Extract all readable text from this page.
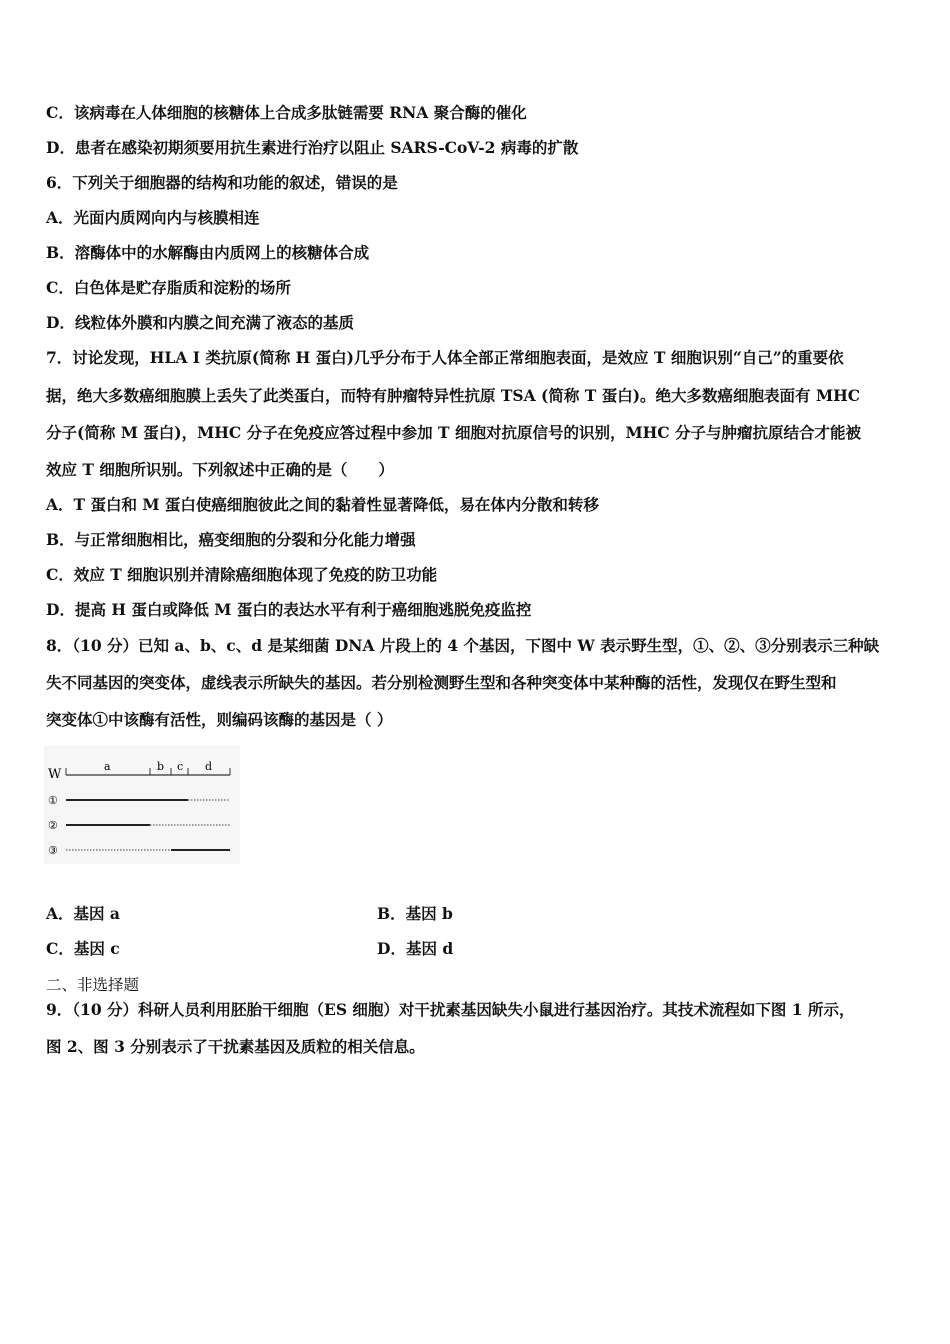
C．该病毒在人体细胞的核糖体上合成多肽链需要 RNA 聚合酶的催化
D．患者在感染初期须要用抗生素进行治疗以阻止 SARS-CoV-2 病毒的扩散
6．下列关于细胞器的结构和功能的叙述，错误的是
A．光面内质网向内与核膜相连
B．溶酶体中的水解酶由内质网上的核糖体合成
C．白色体是贮存脂质和淀粉的场所
D．线粒体外膜和内膜之间充满了液态的基质
7．讨论发现，HLA I 类抗原(简称 H 蛋白)几乎分布于人体全部正常细胞表面，是效应 T 细胞识别“自己”的重要依
据，绝大多数癌细胞膜上丢失了此类蛋白，而特有肿瘤特异性抗原 TSA (简称 T 蛋白)。绝大多数癌细胞表面有 MHC
分子(简称 M 蛋白)，MHC 分子在免疫应答过程中参加 T 细胞对抗原信号的识别，MHC 分子与肿瘤抗原结合才能被
效应 T 细胞所识别。下列叙述中正确的是（　　）
A．T 蛋白和 M 蛋白使癌细胞彼此之间的黏着性显著降低，易在体内分散和转移
B．与正常细胞相比，癌变细胞的分裂和分化能力增强
C．效应 T 细胞识别并清除癌细胞体现了免疫的防卫功能
D．提高 H 蛋白或降低 M 蛋白的表达水平有利于癌细胞逃脱免疫监控
8．（10 分）已知 a、b、c、d 是某细菌 DNA 片段上的 4 个基因，下图中 W 表示野生型，①、②、③分别表示三种缺
失不同基因的突变体，虚线表示所缺失的基因。若分别检测野生型和各种突变体中某种酶的活性，发现仅在野生型和
突变体①中该酶有活性，则编码该酶的基因是（ ）
W
①
②
③
a	b c d
A．基因 a	B．基因 b
C．基因 c	D．基因 d
二、非选择题
9．（10 分）科研人员利用胚胎干细胞（ES 细胞）对干扰素基因缺失小鼠进行基因治疗。其技术流程如下图 1 所示，
图 2、图 3 分别表示了干扰素基因及质粒的相关信息。
